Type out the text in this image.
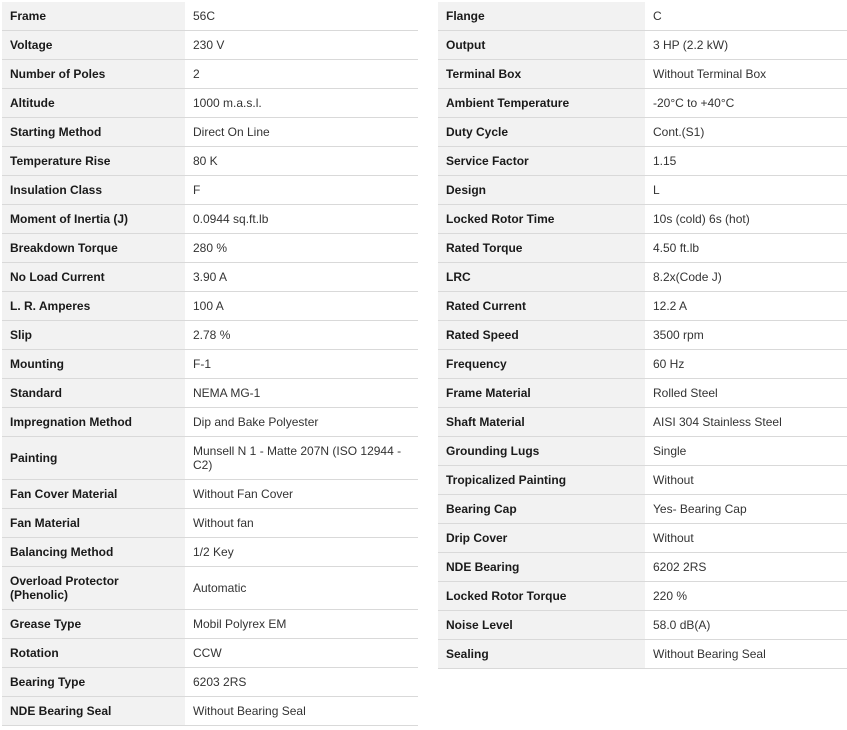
Frame	56C
Voltage	230 V
Number of Poles	2
Altitude	1000 m.a.s.l.
Starting Method	Direct On Line
Temperature Rise	80 K
Insulation Class	F
Moment of Inertia (J)	0.0944 sq.ft.lb
Breakdown Torque	280 %
No Load Current	3.90 A
L. R. Amperes	100 A
Slip	2.78 %
Mounting	F-1
Standard	NEMA MG-1
Impregnation Method	Dip and Bake Polyester
Painting	Munsell N 1 - Matte 207N (ISO 12944 - C2)
Fan Cover Material	Without Fan Cover
Fan Material	Without fan
Balancing Method	1/2 Key
Overload Protector (Phenolic)	Automatic
Grease Type	Mobil Polyrex EM
Rotation	CCW
Bearing Type	6203 2RS
NDE Bearing Seal	Without Bearing Seal
Flange	C
Output	3 HP (2.2 kW)
Terminal Box	Without Terminal Box
Ambient Temperature	-20°C to +40°C
Duty Cycle	Cont.(S1)
Service Factor	1.15
Design	L
Locked Rotor Time	10s (cold) 6s (hot)
Rated Torque	4.50 ft.lb
LRC	8.2x(Code J)
Rated Current	12.2 A
Rated Speed	3500 rpm
Frequency	60 Hz
Frame Material	Rolled Steel
Shaft Material	AISI 304 Stainless Steel
Grounding Lugs	Single
Tropicalized Painting	Without
Bearing Cap	Yes- Bearing Cap
Drip Cover	Without
NDE Bearing	6202 2RS
Locked Rotor Torque	220 %
Noise Level	58.0 dB(A)
Sealing	Without Bearing Seal
